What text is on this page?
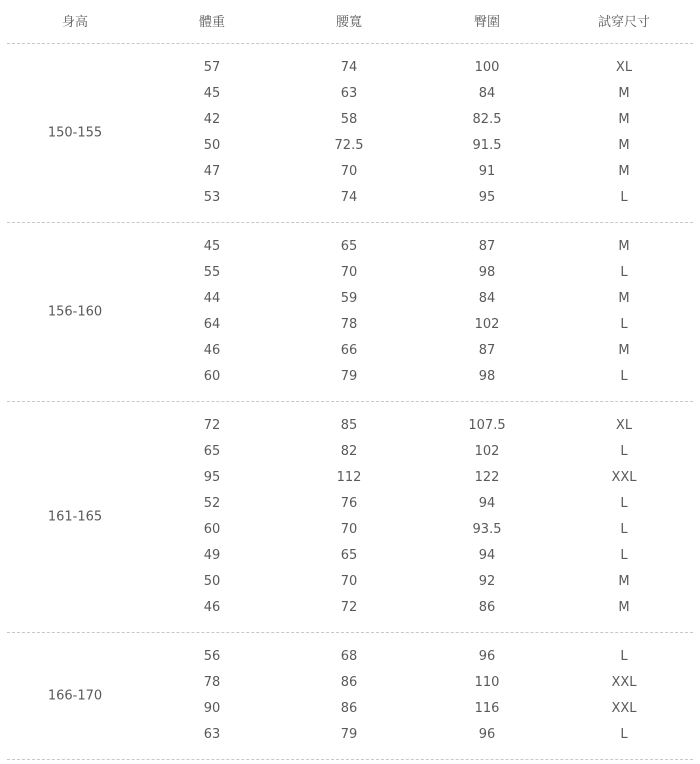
身高	體重	腰寬	臀圍	試穿尺寸
150-155
57	74	100	XL
45	63	84	M
42	58	82.5	M
50	72.5	91.5	M
47	70	91	M
53	74	95	L
156-160
45	65	87	M
55	70	98	L
44	59	84	M
64	78	102	L
46	66	87	M
60	79	98	L
161-165
72	85	107.5	XL
65	82	102	L
95	112	122	XXL
52	76	94	L
60	70	93.5	L
49	65	94	L
50	70	92	M
46	72	86	M
166-170
56	68	96	L
78	86	110	XXL
90	86	116	XXL
63	79	96	L
